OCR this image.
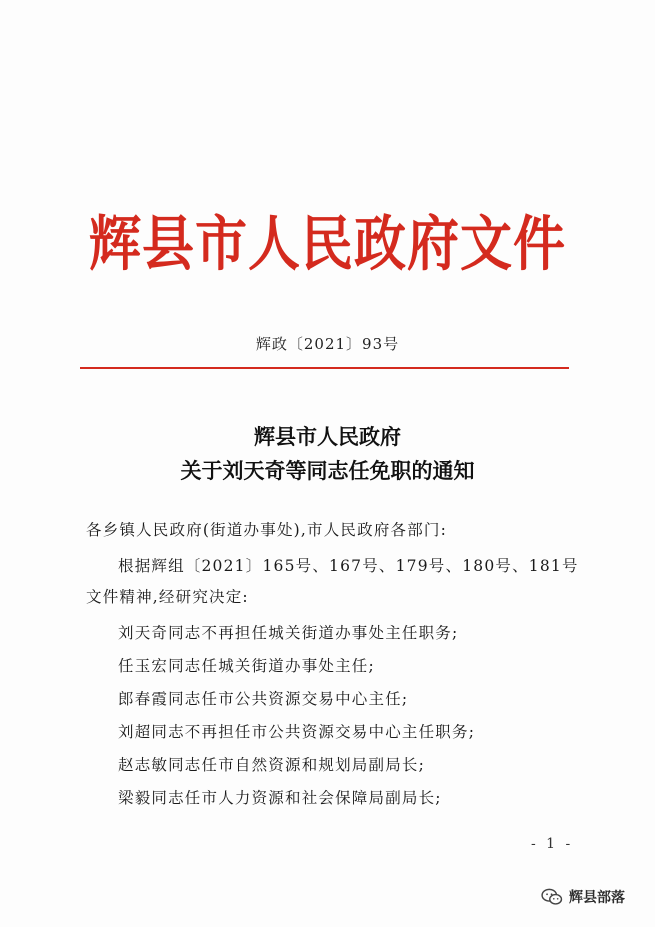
辉县市人民政府文件
辉政〔2021〕93号
辉县市人民政府
关于刘天奇等同志任免职的通知
各乡镇人民政府(街道办事处),市人民政府各部门:
根据辉组〔2021〕165号、167号、179号、180号、181号
文件精神,经研究决定:
刘天奇同志不再担任城关街道办事处主任职务;
任玉宏同志任城关街道办事处主任;
郎春霞同志任市公共资源交易中心主任;
刘超同志不再担任市公共资源交易中心主任职务;
赵志敏同志任市自然资源和规划局副局长;
梁毅同志任市人力资源和社会保障局副局长;
- 1 -
辉县部落
